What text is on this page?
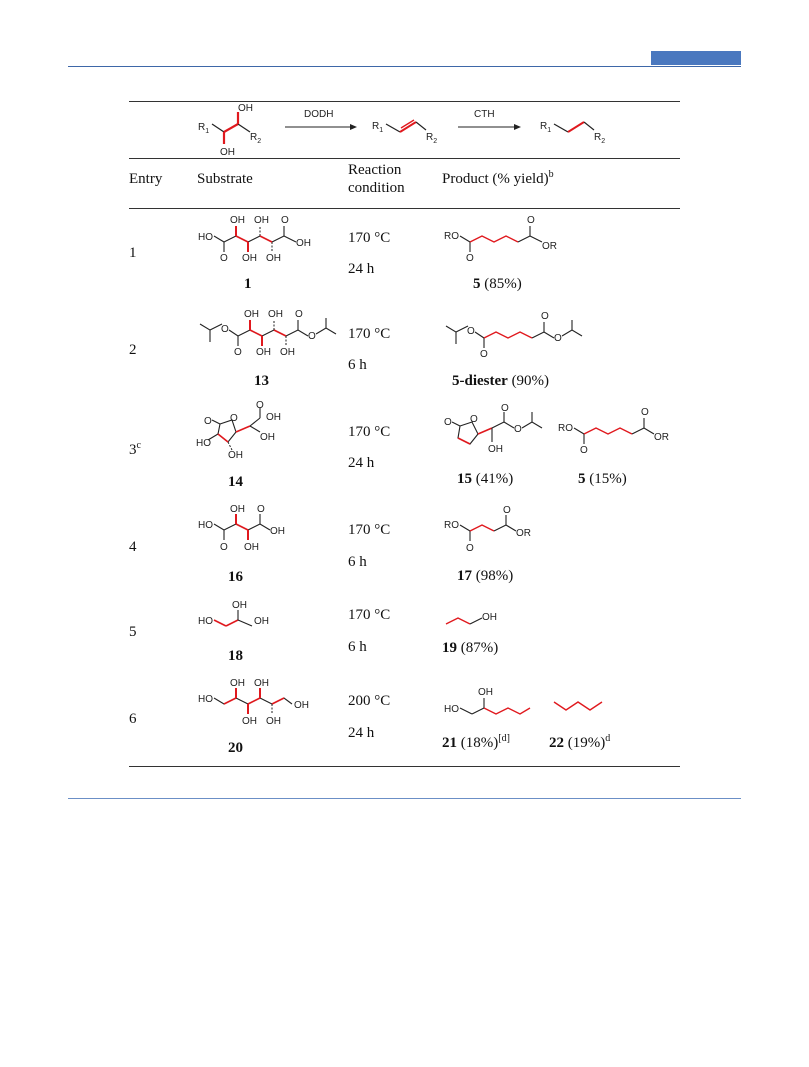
$R_1$
OH
OH
$R_2$
DODH
$R_1$
$R_2$
CTH
$R_1$
$R_2$
Entry Substrate
Reaction
condition
Product (% yield)$^b$
1
HO
OH OH O
O OH OH
OH
1
170 °C
24 h
RO
O
O
OR
5 (85%)
2
O
OH OH O
O OH OH
O
13
170 °C
6 h
O
O
O
O
5-diester (90%)
3$^c$
O O
O
OH
OH
HO
OH
14
170 °C
24 h
O O
OH
O
O	RO
O
O
OR
15 (41%)	5 (15%)
4
HO
OH O
O OH
OH
16
170 °C
6 h
RO
O
O
OR
17 (98%)
5
HO
OH
OH
18
170 °C
6 h
OH
19 (87%)
6
HO
OH OH
OH OH
OH
20
200 °C
24 h
HO
OH
21 (18%)[d]	22 $(19\%)^d$
